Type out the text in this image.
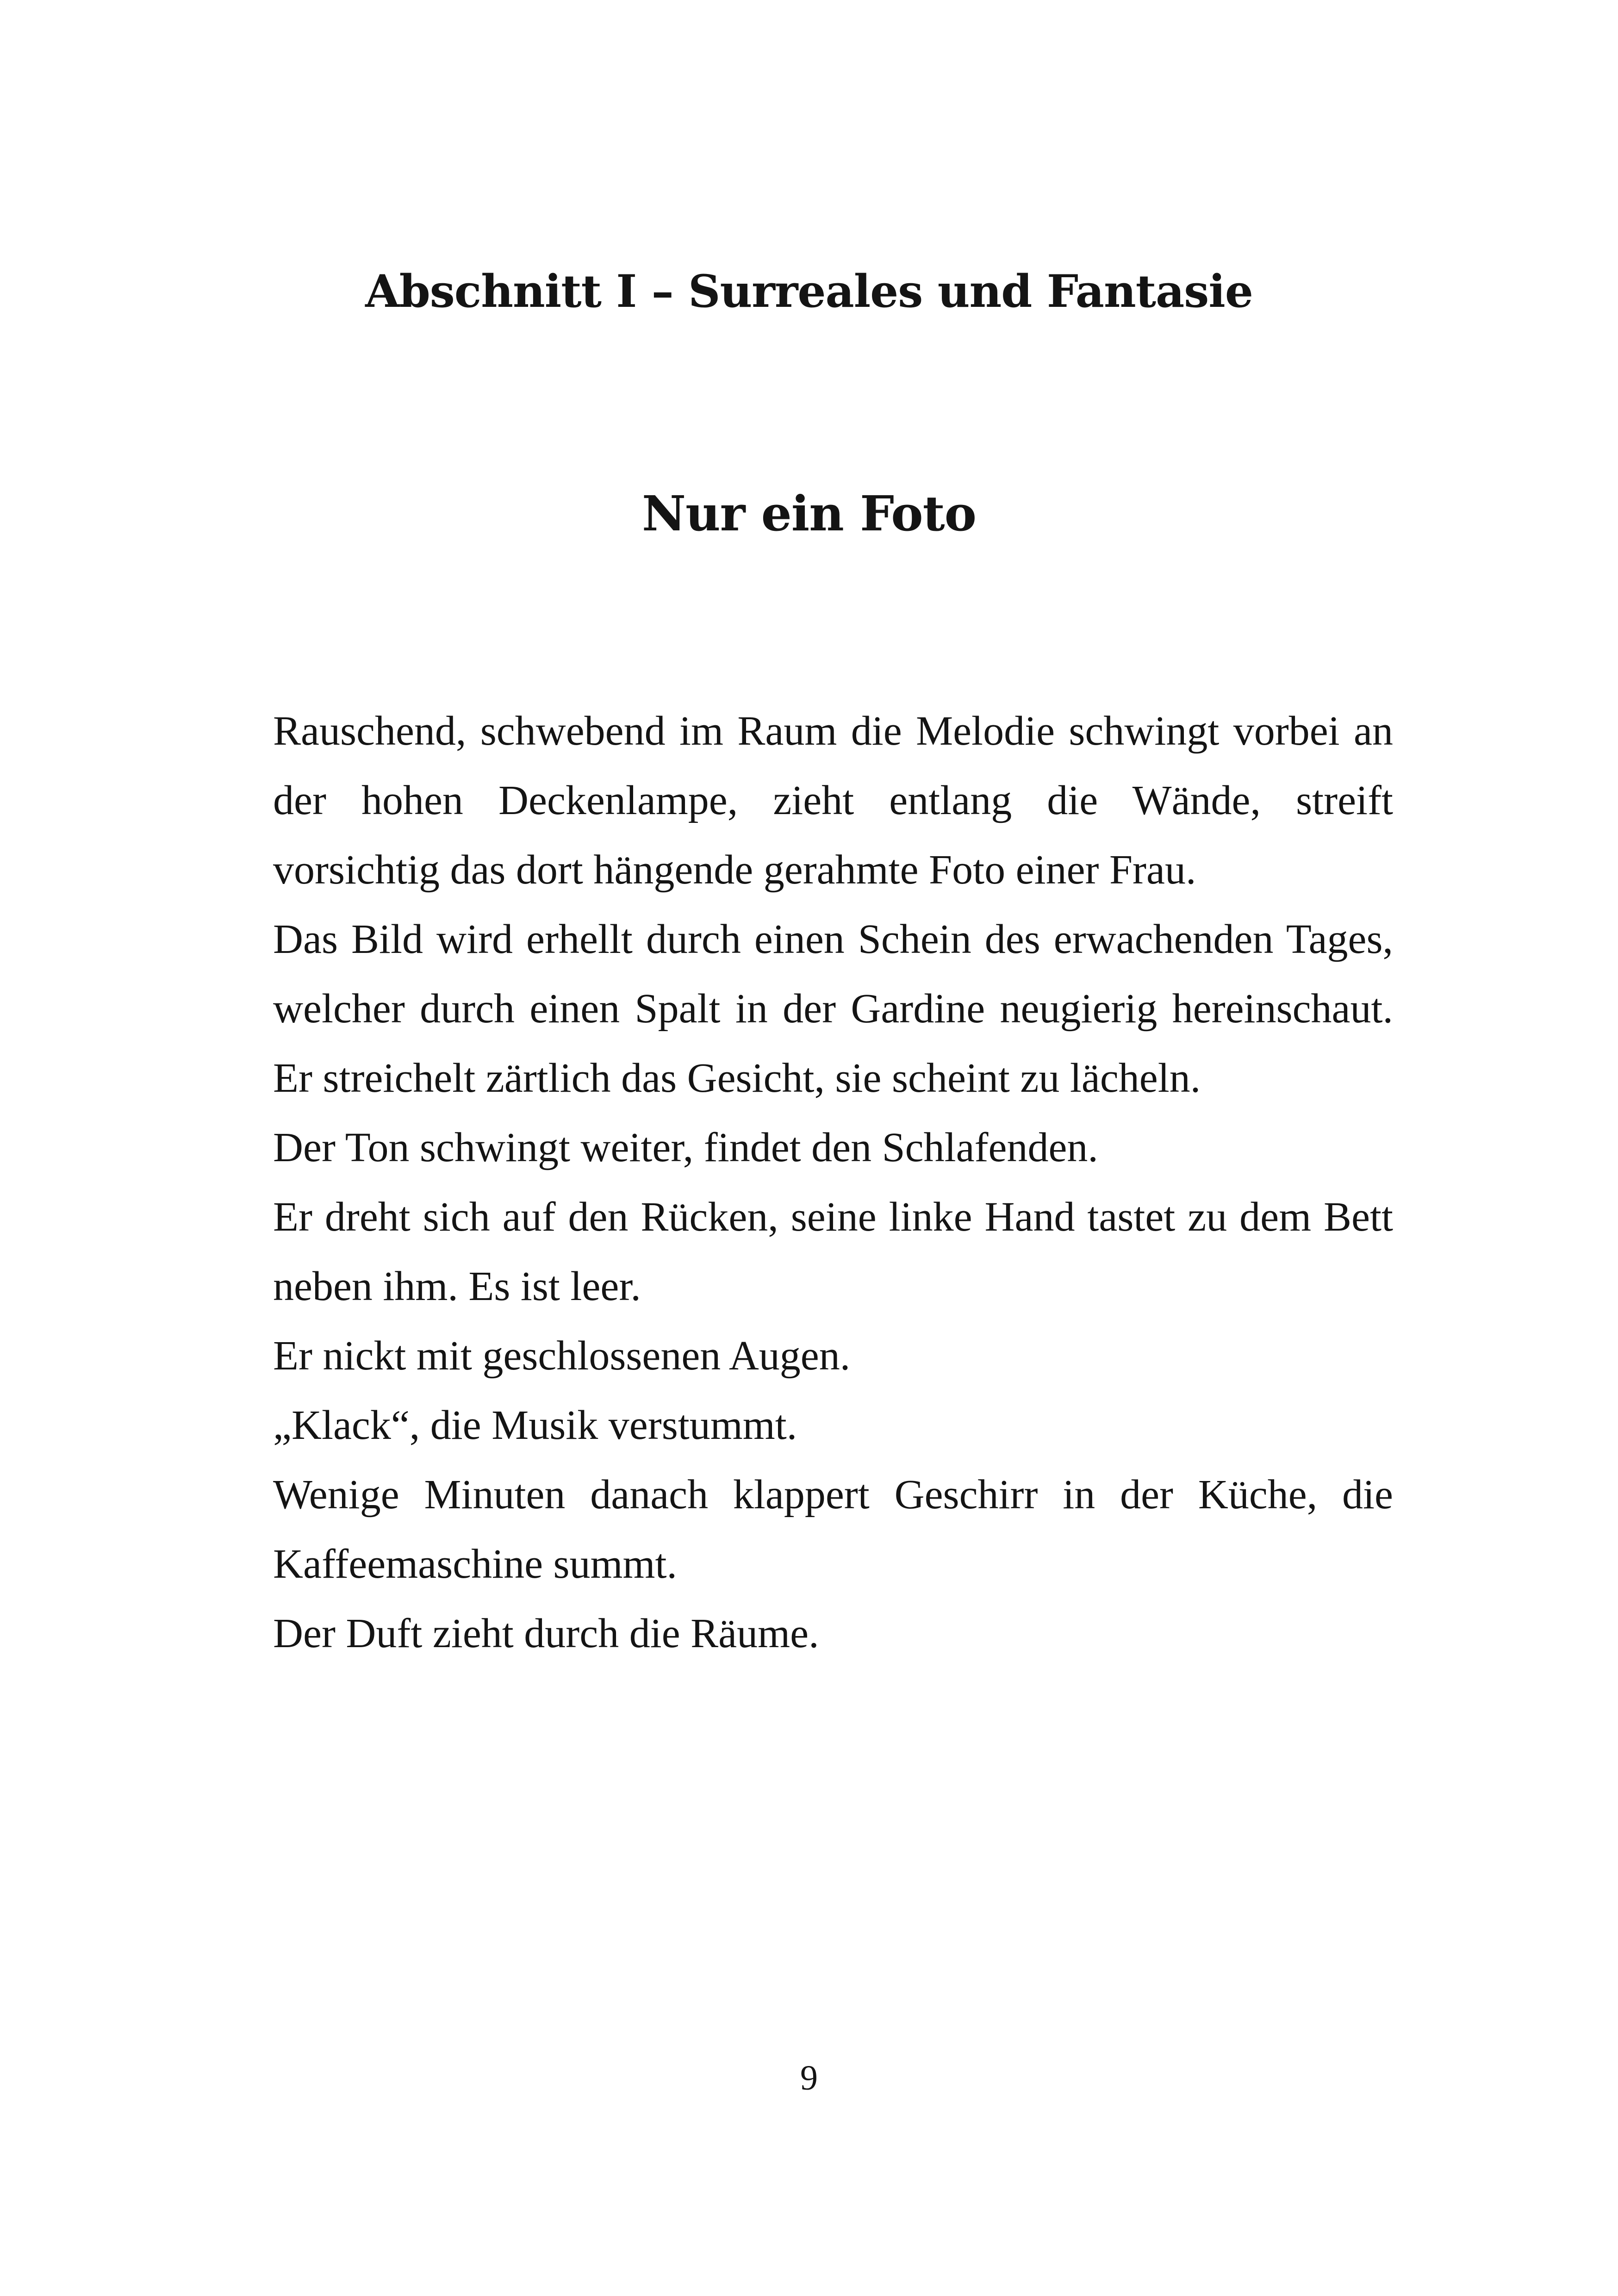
Abschnitt I – Surreales und Fantasie
Nur ein Foto

Rauschend, schwebend im Raum die Melodie schwingt vorbei an der hohen Deckenlampe, zieht entlang die Wände, streift vorsichtig das dort hängende gerahmte Foto einer Frau.

Das Bild wird erhellt durch einen Schein des erwachenden Tages, welcher durch einen Spalt in der Gardine neugierig hereinschaut. Er streichelt zärtlich das Gesicht, sie scheint zu lächeln.

Der Ton schwingt weiter, findet den Schlafenden.

Er dreht sich auf den Rücken, seine linke Hand tastet zu dem Bett neben ihm. Es ist leer.

Er nickt mit geschlossenen Augen.

„Klack“, die Musik verstummt.

Wenige Minuten danach klappert Geschirr in der Küche, die Kaffeemaschine summt.

Der Duft zieht durch die Räume.

9
